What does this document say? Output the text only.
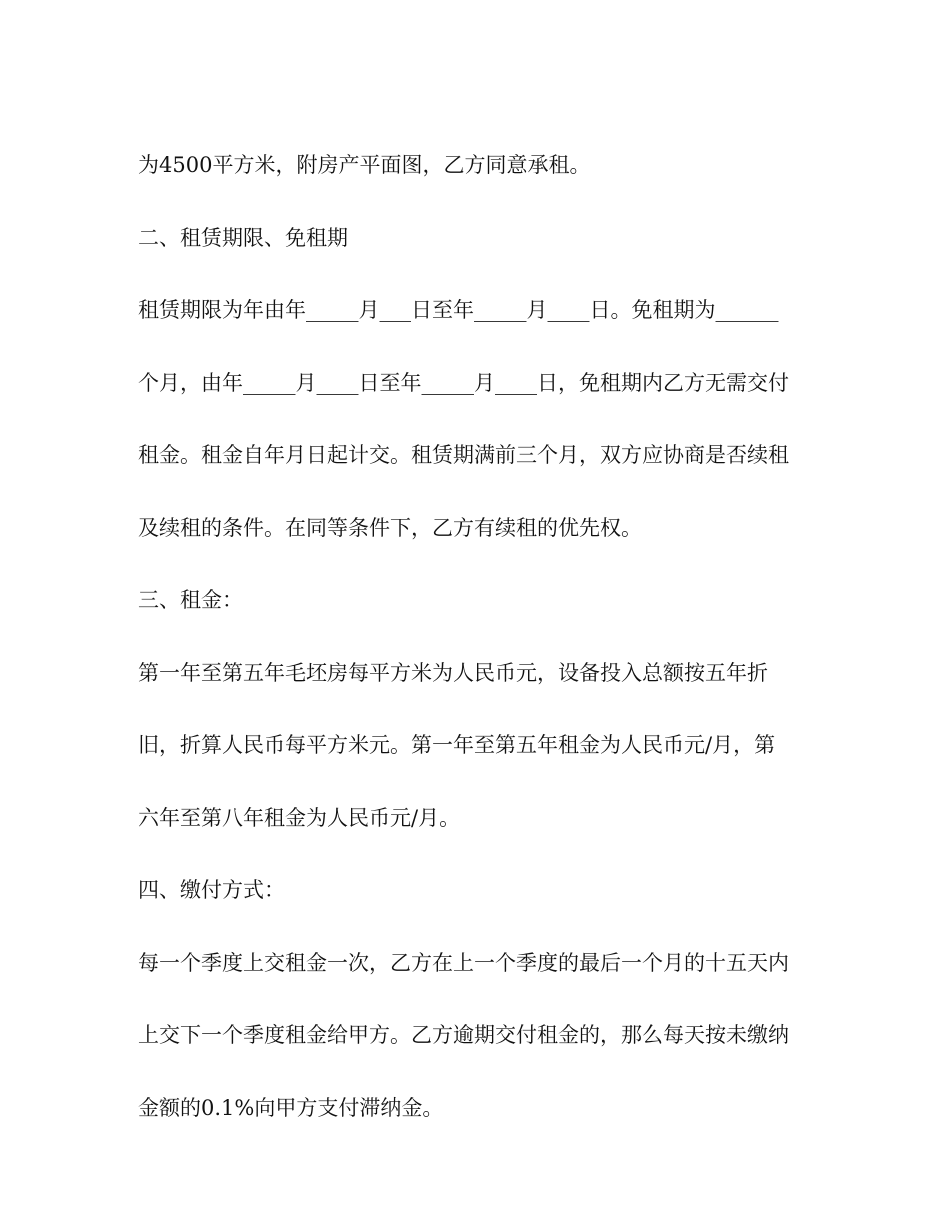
为4500平方米，附房产平面图，乙方同意承租。

二、租赁期限、免租期

租赁期限为年由年_____月___日至年_____月____日。免租期为______

个月，由年_____月____日至年_____月____日，免租期内乙方无需交付

租金。租金自年月日起计交。租赁期满前三个月，双方应协商是否续租

及续租的条件。在同等条件下，乙方有续租的优先权。

三、租金：

第一年至第五年毛坯房每平方米为人民币元，设备投入总额按五年折

旧，折算人民币每平方米元。第一年至第五年租金为人民币元/月，第

六年至第八年租金为人民币元/月。

四、缴付方式：

每一个季度上交租金一次，乙方在上一个季度的最后一个月的十五天内

上交下一个季度租金给甲方。乙方逾期交付租金的，那么每天按未缴纳

金额的0.1%向甲方支付滞纳金。
